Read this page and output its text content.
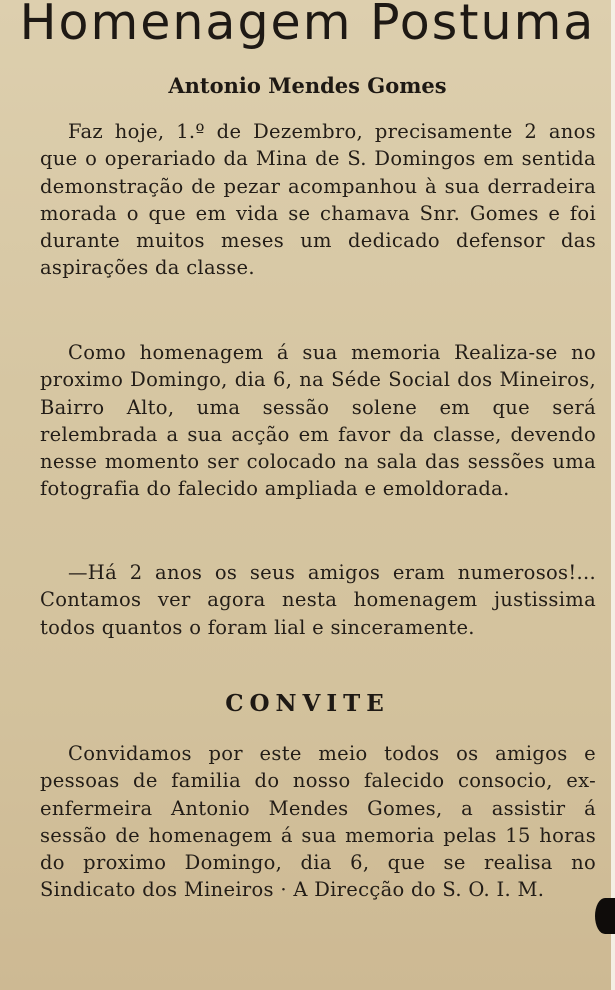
Homenagem Postuma
Antonio Mendes Gomes

Faz hoje, 1.º de Dezembro, precisamente 2 anos que o operariado da Mina de S. Domingos em sentida demonstração de pezar acompanhou à sua derradeira morada o que em vida se chamava Snr. Gomes e foi durante muitos meses um dedicado defensor das aspirações da classe.

Como homenagem á sua memoria Realiza-se no proximo Domingo, dia 6, na Séde Social dos Mineiros, Bairro Alto, uma sessão solene em que será relembrada a sua acção em favor da classe, devendo nesse momento ser colocado na sala das sessões uma fotografia do falecido ampliada e emoldorada.

—Há 2 anos os seus amigos eram numerosos!... Contamos ver agora nesta homenagem justissima todos quantos o foram lial e sinceramente.

CONVITE

Convidamos por este meio todos os amigos e pessoas de familia do nosso falecido consocio, ex-enfermeira Antonio Mendes Gomes, a assistir á sessão de homenagem á sua memoria pelas 15 horas do proximo Domingo, dia 6, que se realisa no Sindicato dos Mineiros · A Direcção do S. O. I. M.
